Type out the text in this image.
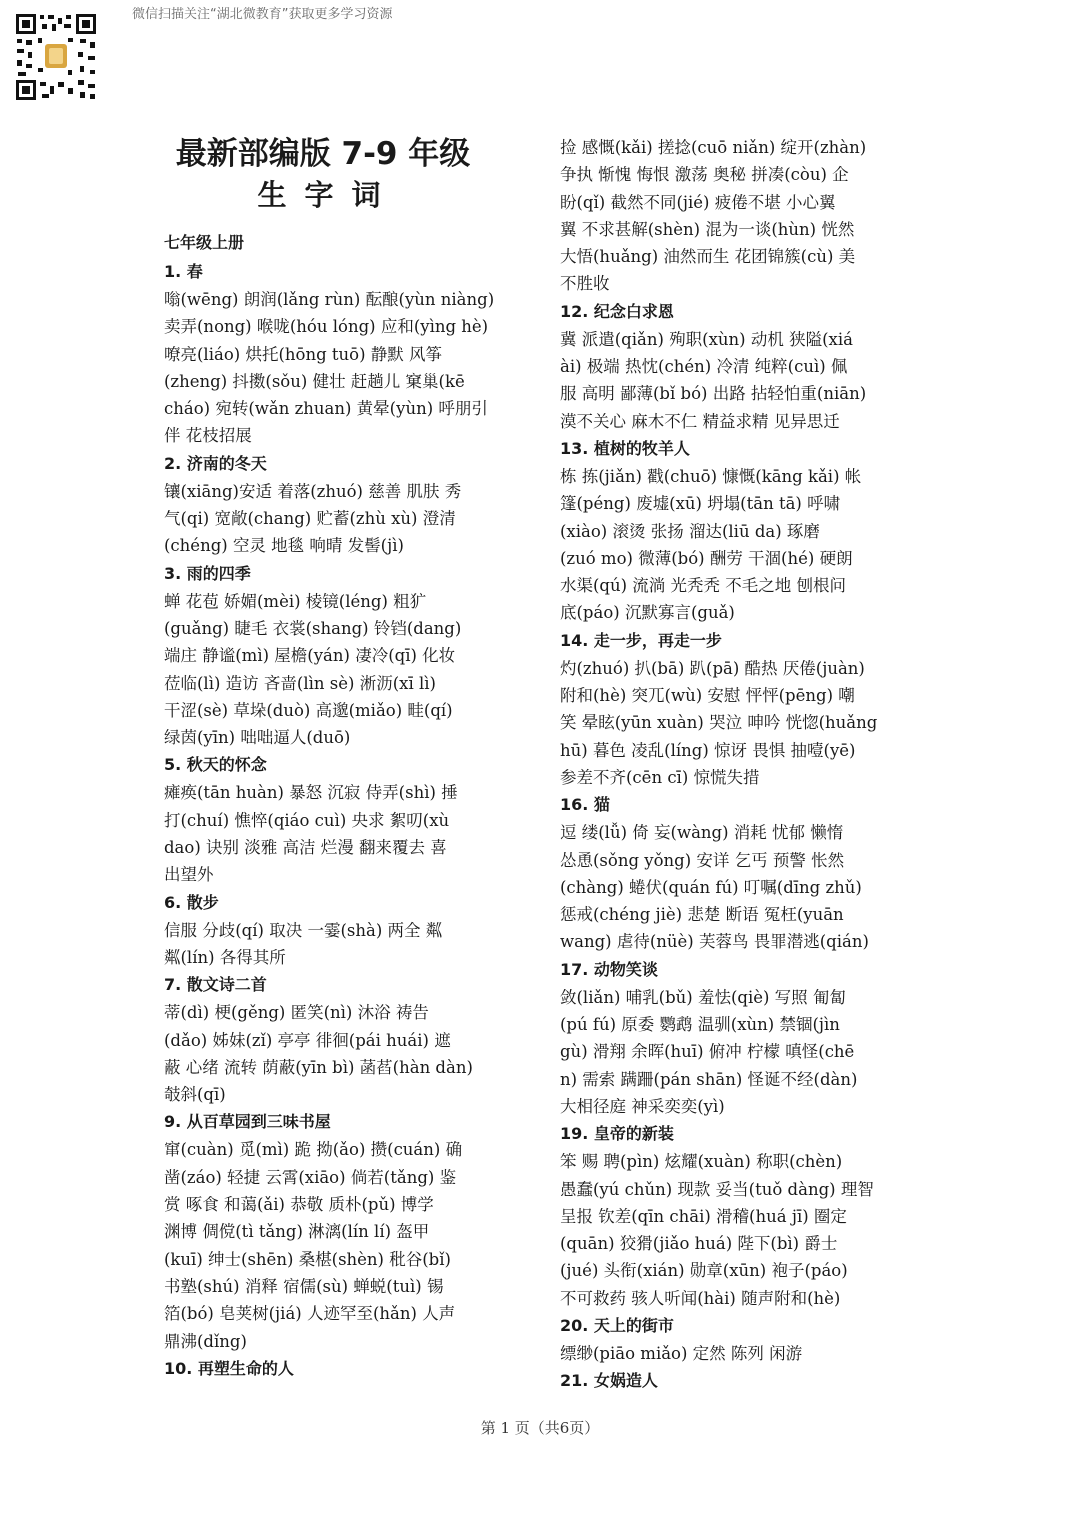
微信扫描关注“湖北微教育”获取更多学习资源
最新部编版 7-9 年级
生字词
七年级上册
1. 春
嗡(wēng) 朗润(lǎng rùn) 酝酿(yùn niàng)
卖弄(nong) 喉咙(hóu lóng) 应和(yìng hè)
嘹亮(liáo) 烘托(hōng tuō) 静默 风筝
(zheng) 抖擞(sǒu) 健壮 赶趟儿 窠巢(kē
cháo) 宛转(wǎn zhuan) 黄晕(yùn) 呼朋引
伴 花枝招展
2. 济南的冬天
镶(xiāng)安适 着落(zhuó) 慈善 肌肤 秀
气(qi) 宽敞(chang) 贮蓄(zhù xù) 澄清
(chéng) 空灵 地毯 响晴 发髻(jì)
3. 雨的四季
蝉 花苞 娇媚(mèi) 棱镜(léng) 粗犷
(guǎng) 睫毛 衣裳(shang) 铃铛(dang)
端庄 静谧(mì) 屋檐(yán) 凄冷(qī) 化妆
莅临(lì) 造访 吝啬(lìn sè) 淅沥(xī lì)
干涩(sè) 草垛(duò) 高邈(miǎo) 畦(qí)
绿茵(yīn) 咄咄逼人(duō)
5. 秋天的怀念
瘫痪(tān huàn) 暴怒 沉寂 侍弄(shì) 捶
打(chuí) 憔悴(qiáo cuì) 央求 絮叨(xù
dao) 诀别 淡雅 高洁 烂漫 翻来覆去 喜
出望外
6. 散步
信服 分歧(qí) 取决 一霎(shà) 两全 粼
粼(lín) 各得其所
7. 散文诗二首
蒂(dì) 梗(gěng) 匿笑(nì) 沐浴 祷告
(dǎo) 姊妹(zǐ) 亭亭 徘徊(pái huái) 遮
蔽 心绪 流转 荫蔽(yīn bì) 菡萏(hàn dàn)
攲斜(qī)
9. 从百草园到三味书屋
窜(cuàn) 觅(mì) 跪 拗(ǎo) 攒(cuán) 确
凿(záo) 轻捷 云霄(xiāo) 倘若(tǎng) 鉴
赏 啄食 和蔼(ǎi) 恭敬 质朴(pǔ) 博学
渊博 倜傥(tì tǎng) 淋漓(lín lí) 盔甲
(kuī) 绅士(shēn) 桑椹(shèn) 秕谷(bǐ)
书塾(shú) 消释 宿儒(sù) 蝉蜕(tuì) 锡
箔(bó) 皂荚树(jiá) 人迹罕至(hǎn) 人声
鼎沸(dǐng)
10. 再塑生命的人
捡 感慨(kǎi) 搓捻(cuō niǎn) 绽开(zhàn)
争执 惭愧 悔恨 激荡 奥秘 拼凑(còu) 企
盼(qǐ) 截然不同(jié) 疲倦不堪 小心翼
翼 不求甚解(shèn) 混为一谈(hùn) 恍然
大悟(huǎng) 油然而生 花团锦簇(cù) 美
不胜收
12. 纪念白求恩
冀 派遣(qiǎn) 殉职(xùn) 动机 狭隘(xiá
ài) 极端 热忱(chén) 冷清 纯粹(cuì) 佩
服 高明 鄙薄(bǐ bó) 出路 拈轻怕重(niān)
漠不关心 麻木不仁 精益求精 见异思迁
13. 植树的牧羊人
栋 拣(jiǎn) 戳(chuō) 慷慨(kāng kǎi) 帐
篷(péng) 废墟(xū) 坍塌(tān tā) 呼啸
(xiào) 滚烫 张扬 溜达(liū da) 琢磨
(zuó mo) 微薄(bó) 酬劳 干涸(hé) 硬朗
水渠(qú) 流淌 光秃秃 不毛之地 刨根问
底(páo) 沉默寡言(guǎ)
14. 走一步，再走一步
灼(zhuó) 扒(bā) 趴(pā) 酷热 厌倦(juàn)
附和(hè) 突兀(wù) 安慰 怦怦(pēng) 嘲
笑 晕眩(yūn xuàn) 哭泣 呻吟 恍惚(huǎng
hū) 暮色 凌乱(líng) 惊讶 畏惧 抽噎(yē)
参差不齐(cēn cī) 惊慌失措
16. 猫
逗 缕(lǚ) 倚 妄(wàng) 消耗 忧郁 懒惰
怂恿(sǒng yǒng) 安详 乞丐 预警 怅然
(chàng) 蜷伏(quán fú) 叮嘱(dīng zhǔ)
惩戒(chéng jiè) 悲楚 断语 冤枉(yuān
wang) 虐待(nüè) 芙蓉鸟 畏罪潜逃(qián)
17. 动物笑谈
敛(liǎn) 哺乳(bǔ) 羞怯(qiè) 写照 匍匐
(pú fú) 原委 鹦鹉 温驯(xùn) 禁锢(jìn
gù) 滑翔 余晖(huī) 俯冲 柠檬 嗔怪(chē
n) 需索 蹒跚(pán shān) 怪诞不经(dàn)
大相径庭 神采奕奕(yì)
19. 皇帝的新装
笨 赐 聘(pìn) 炫耀(xuàn) 称职(chèn)
愚蠢(yú chǔn) 现款 妥当(tuǒ dàng) 理智
呈报 钦差(qīn chāi) 滑稽(huá jī) 圈定
(quān) 狡猾(jiǎo huá) 陛下(bì) 爵士
(jué) 头衔(xián) 勋章(xūn) 袍子(páo)
不可救药 骇人听闻(hài) 随声附和(hè)
20. 天上的街市
缥缈(piāo miǎo) 定然 陈列 闲游
21. 女娲造人
第 1 页（共6页）
